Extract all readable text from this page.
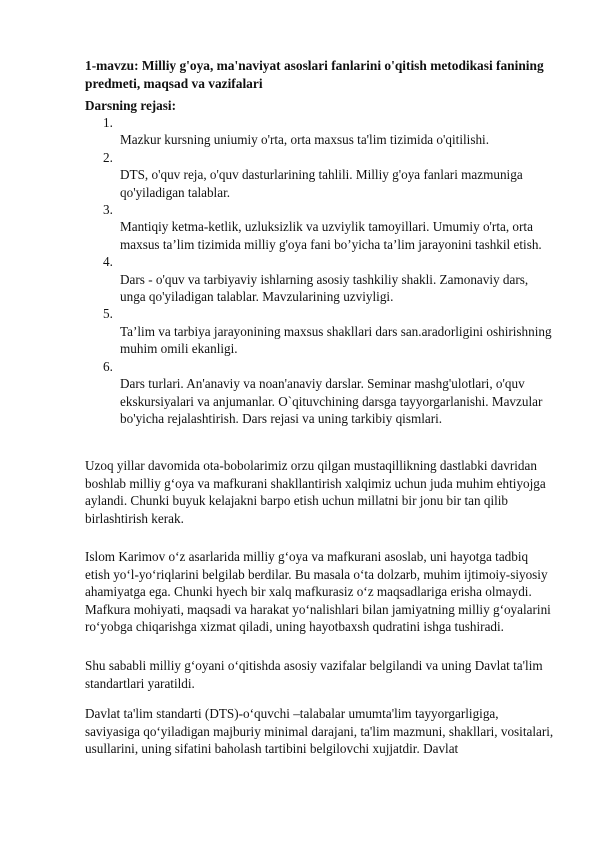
1-mavzu: Milliy g'oya, ma'naviyat asoslari fanlarini o'qitish metodikasi fanining predmeti, maqsad va vazifalari
Darsning rejasi:
1.
Mazkur kursning uniumiy o'rta, orta maxsus ta'lim tizimida o'qitilishi.
2.
DTS, o'quv reja, o'quv dasturlarining tahlili. Milliy g'oya fanlari mazmuniga qo'yiladigan talablar.
3.
Mantiqiy ketma-ketlik, uzluksizlik va uzviylik tamoyillari. Umumiy o'rta, orta maxsus ta’lim tizimida milliy g'oya fani bo’yicha ta’lim jarayonini tashkil etish.
4.
Dars - o'quv va tarbiyaviy ishlarning asosiy tashkiliy shakli. Zamonaviy dars, unga qo'yiladigan talablar. Mavzularining uzviyligi.
5.
Ta’lim va tarbiya jarayonining maxsus shakllari dars san.aradorligini oshirishning muhim omili ekanligi.
6.
Dars turlari. An'anaviy va noan'anaviy darslar. Seminar mashg'ulotlari, o'quv ekskursiyalari va anjumanlar. O`qituvchining darsga tayyorgarlanishi. Mavzular bo'yicha rejalashtirish. Dars rejasi va uning tarkibiy qismlari.

Uzoq yillar davomida ota-bobolarimiz orzu qilgan mustaqillikning dastlabki davridan boshlab milliy g‘oya va mafkurani shakllantirish xalqimiz uchun juda muhim ehtiyojga aylandi. Chunki buyuk kelajakni barpo etish uchun millatni bir jonu bir tan qilib birlashtirish kerak.

Islom Karimov o‘z asarlarida milliy g‘oya va mafkurani asoslab, uni hayotga tadbiq etish yo‘l-yo‘riqlarini belgilab berdilar. Bu masala o‘ta dolzarb, muhim ijtimoiy-siyosiy ahamiyatga ega. Chunki hyech bir xalq mafkurasiz o‘z maqsadlariga erisha olmaydi. Mafkura mohiyati, maqsadi va harakat yo‘nalishlari bilan jamiyatning milliy g‘oyalarini ro‘yobga chiqarishga xizmat qiladi, uning hayotbaxsh qudratini ishga tushiradi.

Shu sababli milliy g‘oyani o‘qitishda asosiy vazifalar belgilandi va uning Davlat ta'lim standartlari yaratildi.

Davlat ta'lim standarti (DTS)-o‘quvchi –talabalar umumta'lim tayyorgarligiga, saviyasiga qo‘yiladigan majburiy minimal darajani, ta'lim mazmuni, shakllari, vositalari, usullarini, uning sifatini baholash tartibini belgilovchi xujjatdir. Davlat
